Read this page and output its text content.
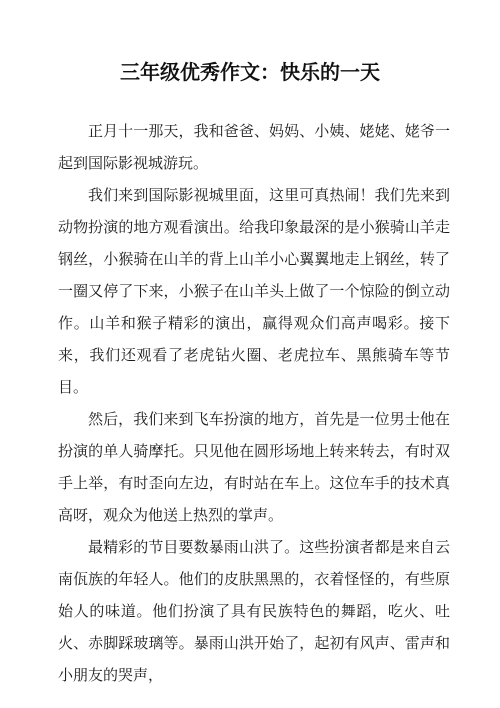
三年级优秀作文：快乐的一天

正月十一那天，我和爸爸、妈妈、小姨、姥姥、姥爷一起到国际影视城游玩。

我们来到国际影视城里面，这里可真热闹！我们先来到动物扮演的地方观看演出。给我印象最深的是小猴骑山羊走钢丝，小猴骑在山羊的背上山羊小心翼翼地走上钢丝，转了一圈又停了下来，小猴子在山羊头上做了一个惊险的倒立动作。山羊和猴子精彩的演出，赢得观众们高声喝彩。接下来，我们还观看了老虎钻火圈、老虎拉车、黑熊骑车等节目。

然后，我们来到飞车扮演的地方，首先是一位男士他在扮演的单人骑摩托。只见他在圆形场地上转来转去，有时双手上举，有时歪向左边，有时站在车上。这位车手的技术真高呀，观众为他送上热烈的掌声。

最精彩的节目要数暴雨山洪了。这些扮演者都是来自云南佤族的年轻人。他们的皮肤黑黑的，衣着怪怪的，有些原始人的味道。他们扮演了具有民族特色的舞蹈，吃火、吐火、赤脚踩玻璃等。暴雨山洪开始了，起初有风声、雷声和小朋友的哭声，
